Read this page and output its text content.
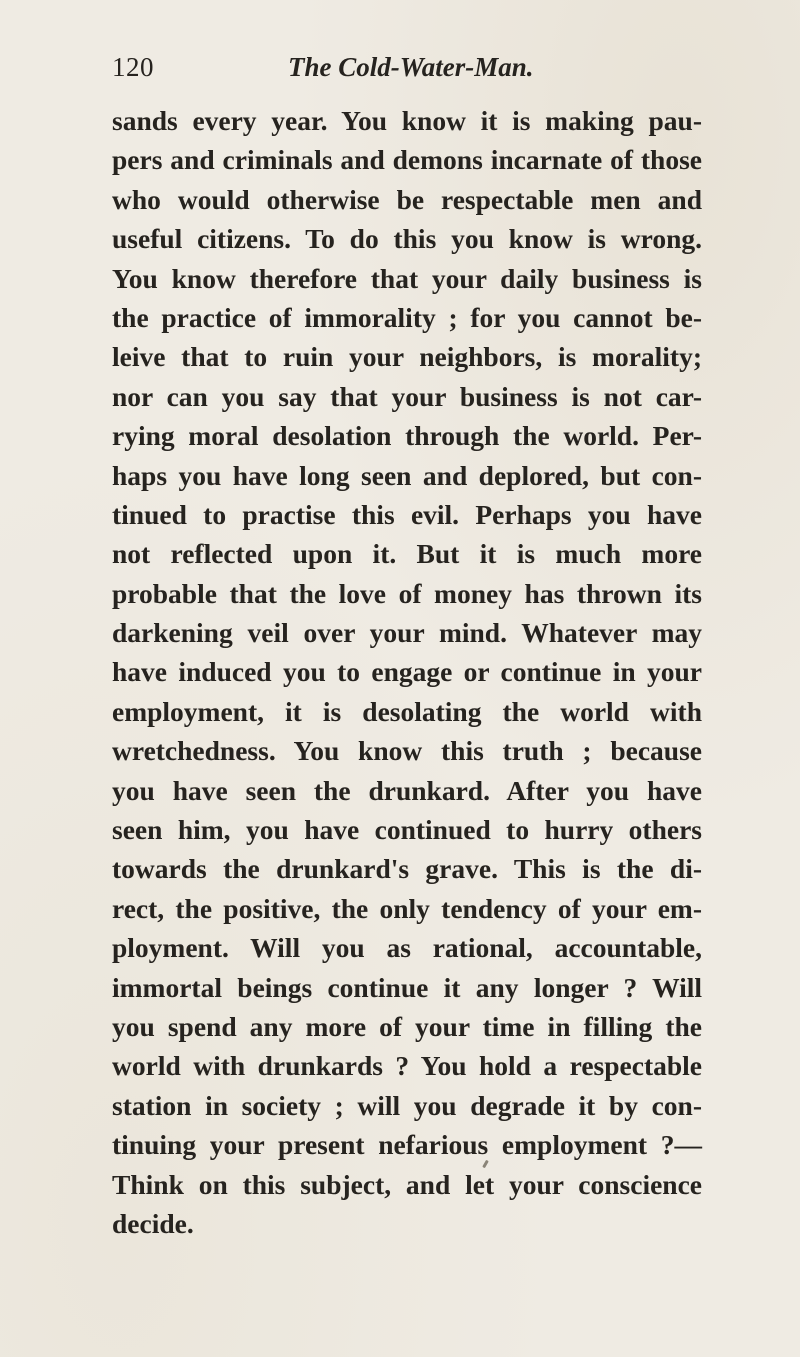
120	The Cold-Water-Man.
sands every year. You know it is making pau-
pers and criminals and demons incarnate of those
who would otherwise be respectable men and
useful citizens. To do this you know is wrong.
You know therefore that your daily business is
the practice of immorality ; for you cannot be-
leive that to ruin your neighbors, is morality;
nor can you say that your business is not car-
rying moral desolation through the world. Per-
haps you have long seen and deplored, but con-
tinued to practise this evil. Perhaps you have
not reflected upon it. But it is much more
probable that the love of money has thrown its
darkening veil over your mind. Whatever may
have induced you to engage or continue in your
employment, it is desolating the world with
wretchedness. You know this truth ; because
you have seen the drunkard. After you have
seen him, you have continued to hurry others
towards the drunkard's grave. This is the di-
rect, the positive, the only tendency of your em-
ployment. Will you as rational, accountable,
immortal beings continue it any longer ? Will
you spend any more of your time in filling the
world with drunkards ? You hold a respectable
station in society ; will you degrade it by con-
tinuing your present nefarious employment ?—
Think on this subject, and let your conscience
decide.
